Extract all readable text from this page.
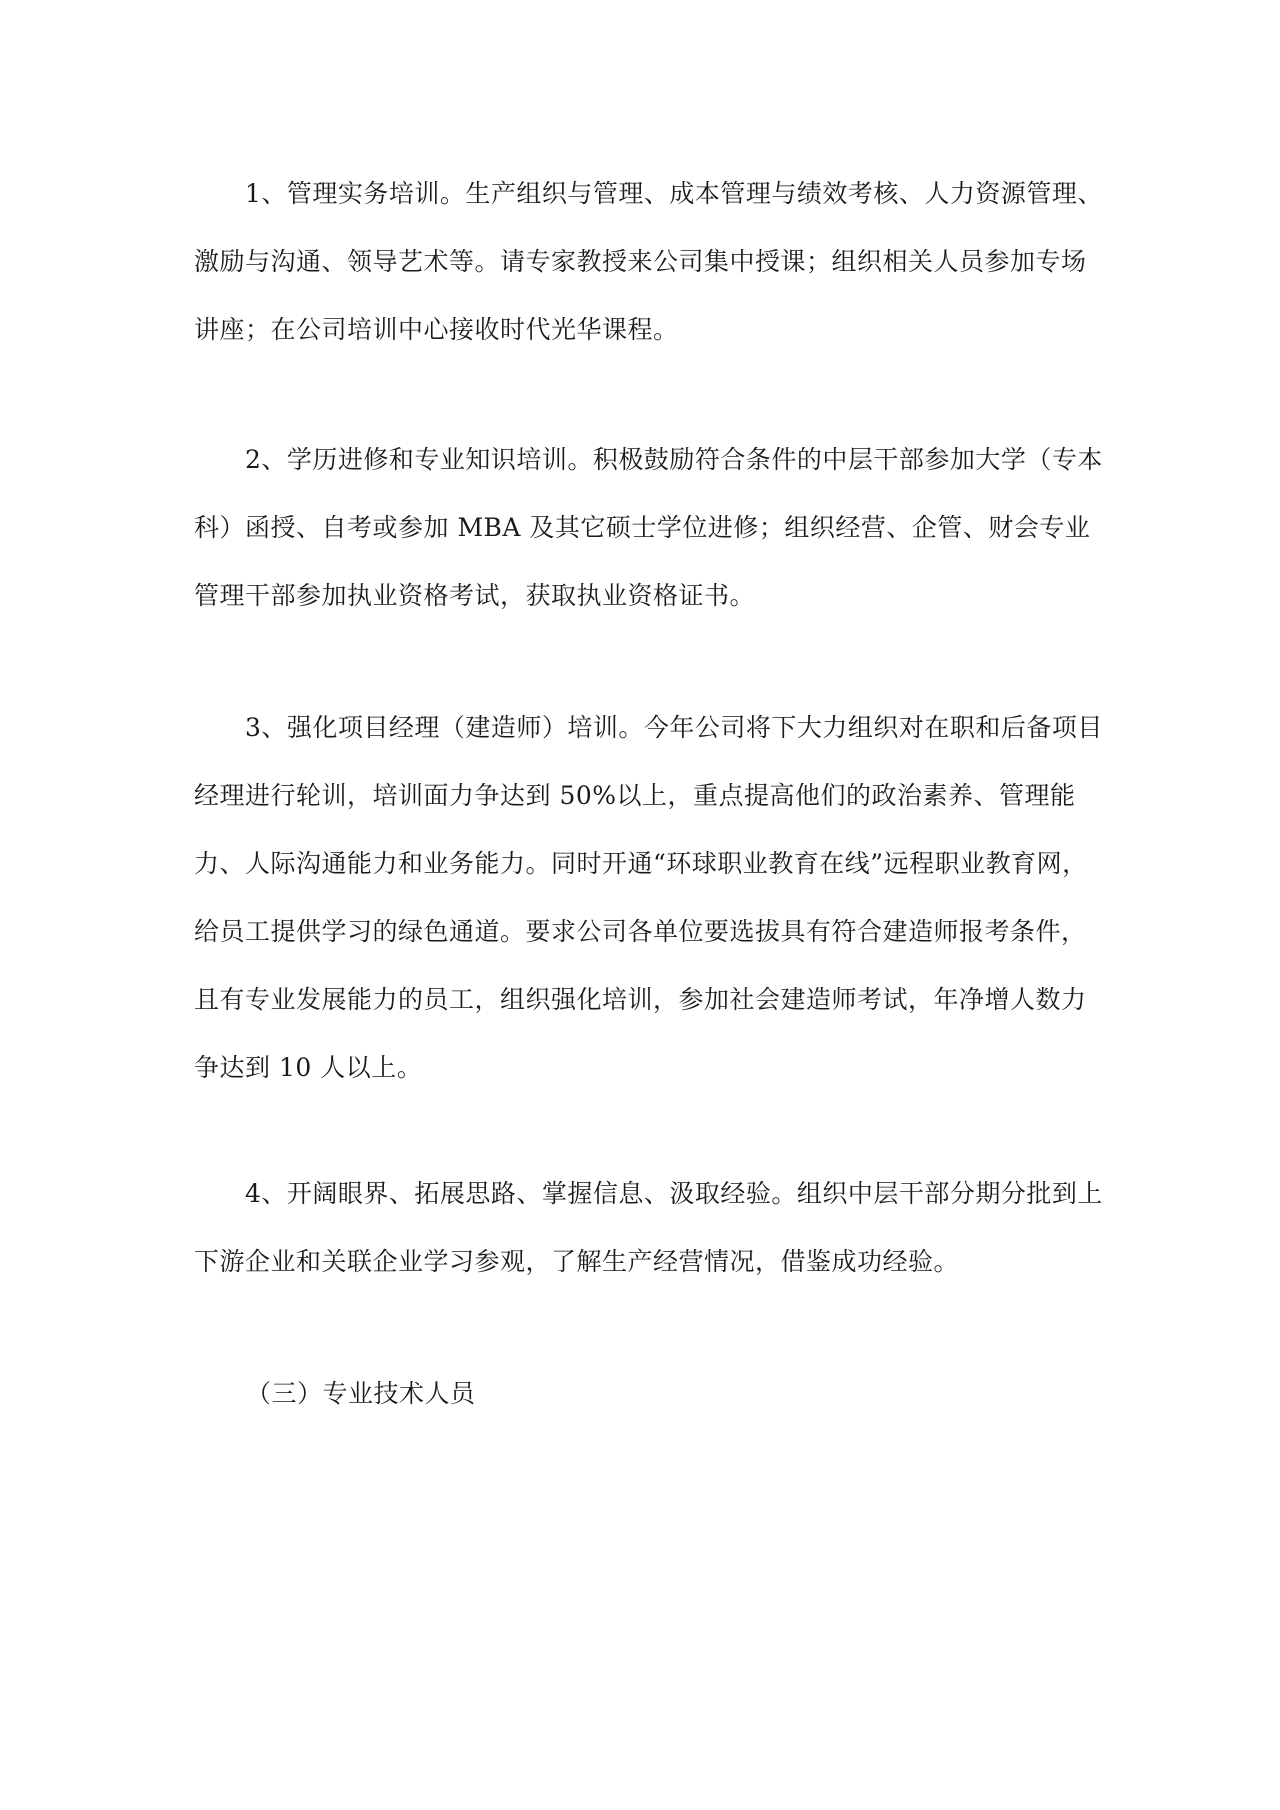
　　1、管理实务培训。生产组织与管理、成本管理与绩效考核、人力资源管理、
激励与沟通、领导艺术等。请专家教授来公司集中授课；组织相关人员参加专场
讲座；在公司培训中心接收时代光华课程。

　　2、学历进修和专业知识培训。积极鼓励符合条件的中层干部参加大学（专本
科）函授、自考或参加 MBA 及其它硕士学位进修；组织经营、企管、财会专业
管理干部参加执业资格考试，获取执业资格证书。

　　3、强化项目经理（建造师）培训。今年公司将下大力组织对在职和后备项目
经理进行轮训，培训面力争达到 50%以上，重点提高他们的政治素养、管理能
力、人际沟通能力和业务能力。同时开通“环球职业教育在线”远程职业教育网，
给员工提供学习的绿色通道。要求公司各单位要选拔具有符合建造师报考条件，
且有专业发展能力的员工，组织强化培训，参加社会建造师考试，年净增人数力
争达到 10 人以上。

　　4、开阔眼界、拓展思路、掌握信息、汲取经验。组织中层干部分期分批到上
下游企业和关联企业学习参观，了解生产经营情况，借鉴成功经验。

（三）专业技术人员
